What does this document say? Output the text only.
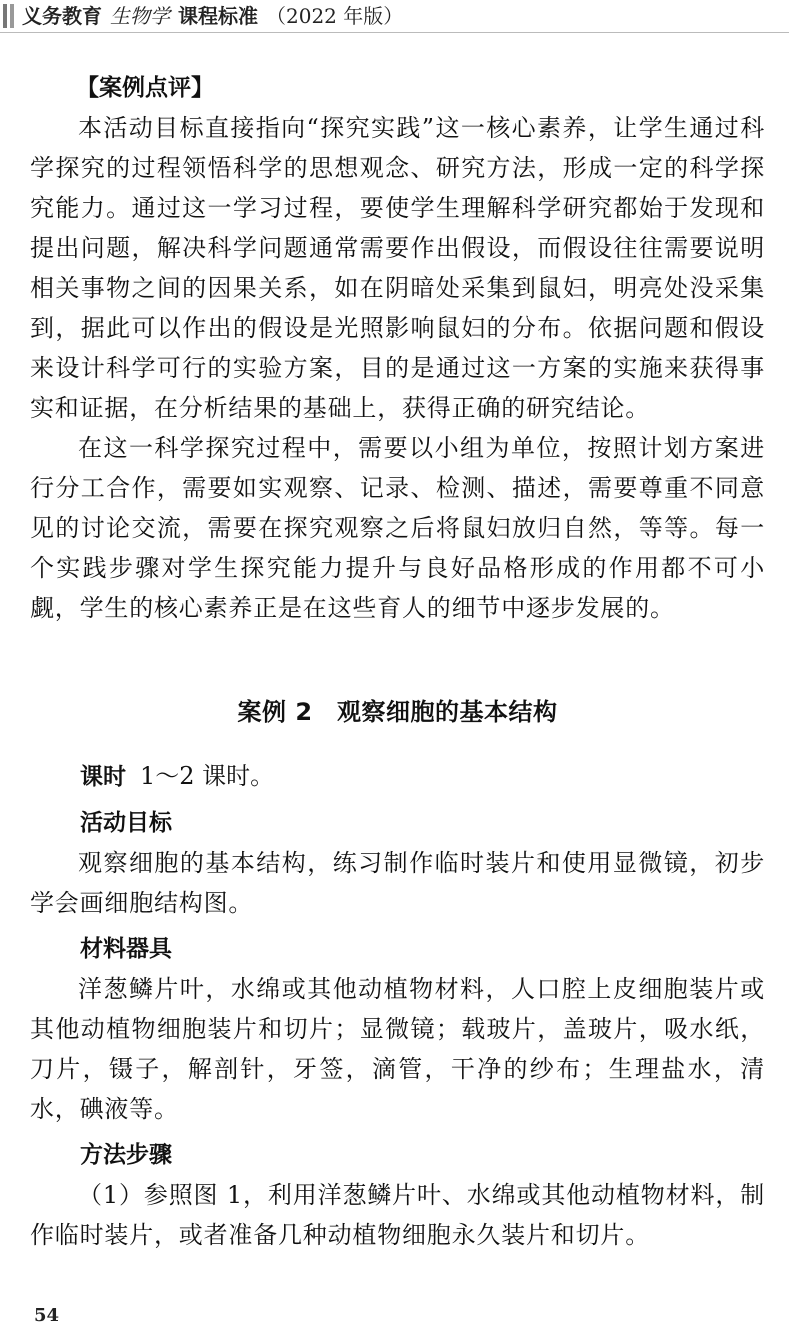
义务教育 生物学 课程标准 （2022 年版）
【案例点评】

本活动目标直接指向“探究实践”这一核心素养，让学生通过科学探究的过程领悟科学的思想观念、研究方法，形成一定的科学探究能力。通过这一学习过程，要使学生理解科学研究都始于发现和提出问题，解决科学问题通常需要作出假设，而假设往往需要说明相关事物之间的因果关系，如在阴暗处采集到鼠妇，明亮处没采集到，据此可以作出的假设是光照影响鼠妇的分布。依据问题和假设来设计科学可行的实验方案，目的是通过这一方案的实施来获得事实和证据，在分析结果的基础上，获得正确的研究结论。

在这一科学探究过程中，需要以小组为单位，按照计划方案进行分工合作，需要如实观察、记录、检测、描述，需要尊重不同意见的讨论交流，需要在探究观察之后将鼠妇放归自然，等等。每一个实践步骤对学生探究能力提升与良好品格形成的作用都不可小觑，学生的核心素养正是在这些育人的细节中逐步发展的。

案例 2　观察细胞的基本结构
课时 1～2 课时。
活动目标

观察细胞的基本结构，练习制作临时装片和使用显微镜，初步学会画细胞结构图。

材料器具

洋葱鳞片叶，水绵或其他动植物材料，人口腔上皮细胞装片或其他动植物细胞装片和切片；显微镜；载玻片，盖玻片，吸水纸，刀片，镊子，解剖针，牙签，滴管，干净的纱布；生理盐水，清水，碘液等。

方法步骤

（1）参照图 1，利用洋葱鳞片叶、水绵或其他动植物材料，制作临时装片，或者准备几种动植物细胞永久装片和切片。

54
